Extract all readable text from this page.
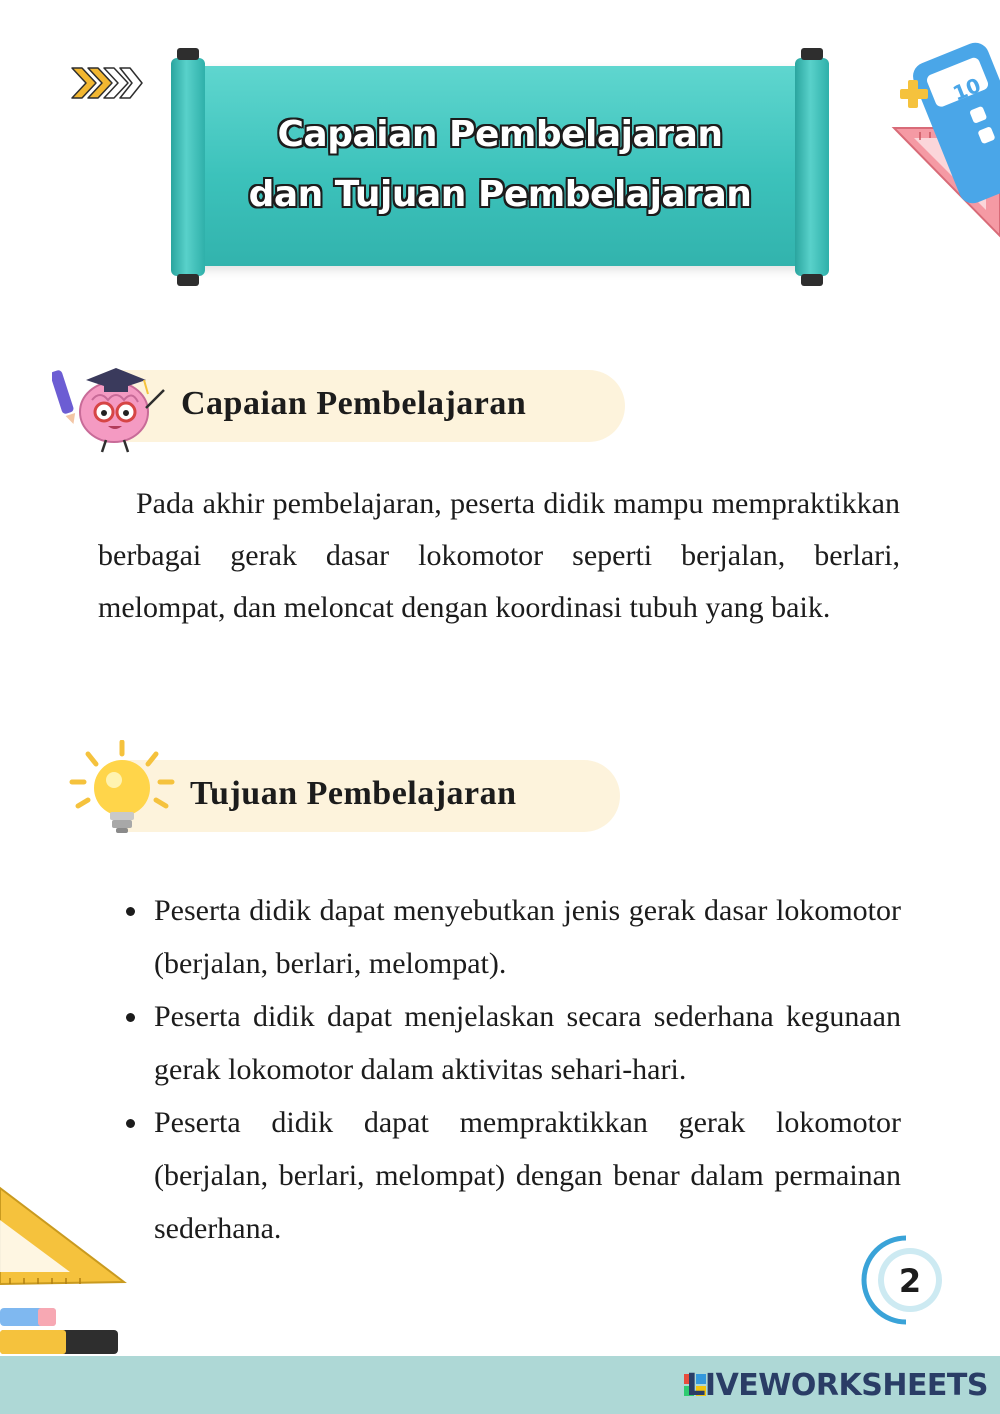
10
Capaian Pembelajaran
dan Tujuan Pembelajaran
Capaian Pembelajaran

Pada akhir pembelajaran, peserta didik mampu mempraktikkan berbagai gerak dasar lokomotor seperti berjalan, berlari, melompat, dan meloncat dengan koordinasi tubuh yang baik.

Tujuan Pembelajaran
Peserta didik dapat menyebutkan jenis gerak dasar lokomotor (berjalan, berlari, melompat).
Peserta didik dapat menjelaskan secara sederhana kegunaan gerak lokomotor dalam aktivitas sehari-hari.
Peserta didik dapat mempraktikkan gerak lokomotor (berjalan, berlari, melompat) dengan benar dalam permainan sederhana.
2
LIVEWORKSHEETS
